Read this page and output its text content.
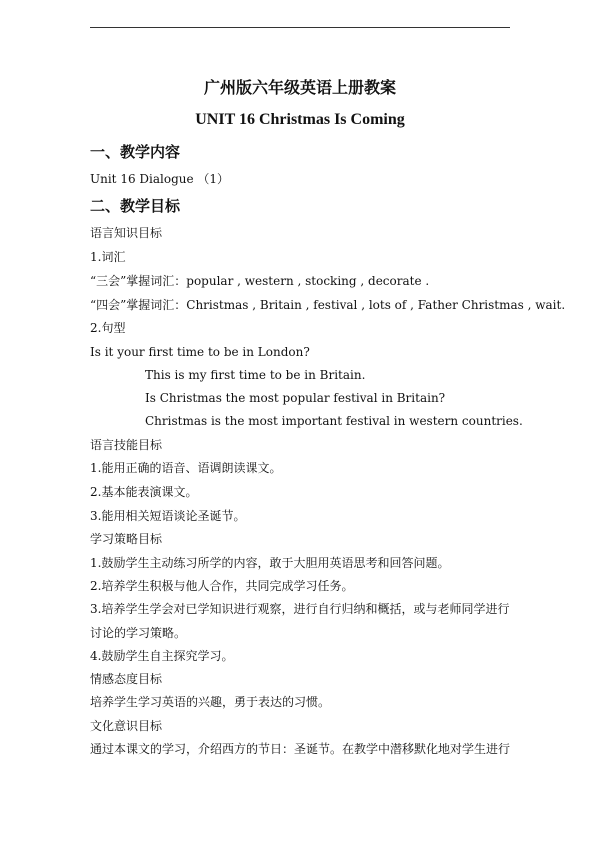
广州版六年级英语上册教案
UNIT 16 Christmas Is Coming
一、教学内容
Unit 16 Dialogue （1）
二、教学目标
语言知识目标
1.词汇
“三会”掌握词汇：popular , western , stocking , decorate .
“四会”掌握词汇：Christmas , Britain , festival , lots of , Father Christmas , wait.
2.句型
Is it your first time to be in London?
This is my first time to be in Britain.
Is Christmas the most popular festival in Britain?
Christmas is the most important festival in western countries.
语言技能目标
1.能用正确的语音、语调朗读课文。
2.基本能表演课文。
3.能用相关短语谈论圣诞节。
学习策略目标
1.鼓励学生主动练习所学的内容，敢于大胆用英语思考和回答问题。
2.培养学生积极与他人合作，共同完成学习任务。
3.培养学生学会对已学知识进行观察，进行自行归纳和概括，或与老师同学进行
讨论的学习策略。
4.鼓励学生自主探究学习。
情感态度目标
培养学生学习英语的兴趣，勇于表达的习惯。
文化意识目标
通过本课文的学习，介绍西方的节日：圣诞节。在教学中潜移默化地对学生进行
